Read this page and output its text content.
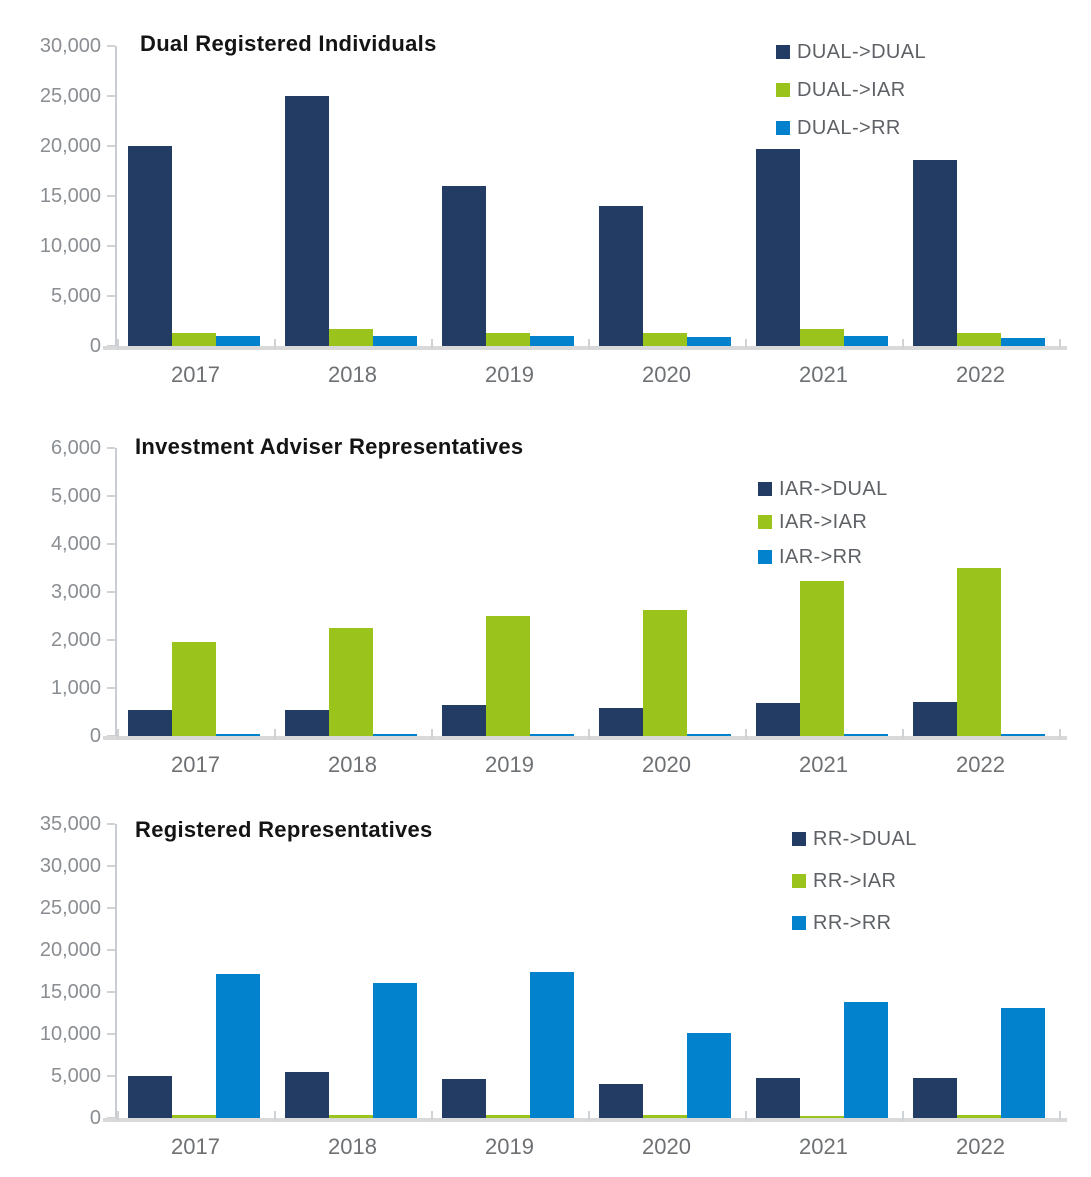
Dual Registered Individuals
0
5,000
10,000
15,000
20,000
25,000
30,000
2017	2018	2019	2020	2021	2022
DUAL->DUAL
DUAL->IAR
DUAL->RR
Investment Adviser Representatives
0
1,000
2,000
3,000
4,000
5,000
6,000
2017	2018	2019	2020	2021	2022
IAR->DUAL
IAR->IAR
IAR->RR
Registered Representatives
0
5,000
10,000
15,000
20,000
25,000
30,000
35,000
2017	2018	2019	2020	2021	2022
RR->DUAL
RR->IAR
RR->RR
